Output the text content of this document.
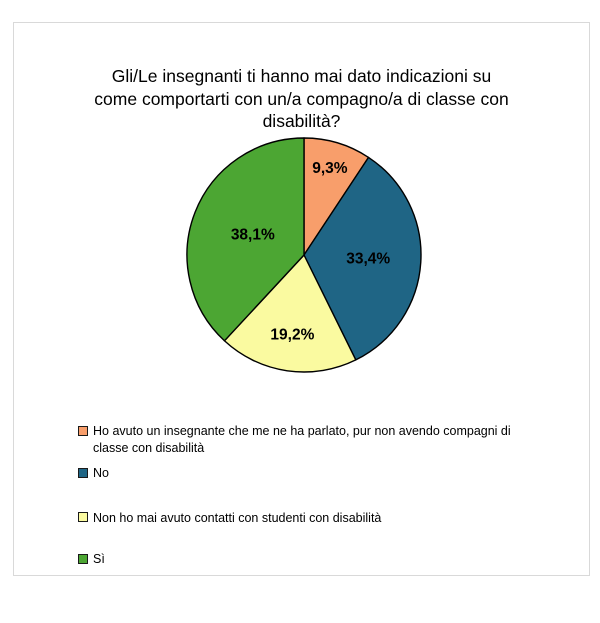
Gli/Le insegnanti ti hanno mai dato indicazioni su
come comportarti con un/a compagno/a di classe con
disabilità?
9,3%
33,4%
19,2%
38,1%
Ho avuto un insegnante che me ne ha parlato, pur non avendo compagni di classe con disabilità
No
Non ho mai avuto contatti con studenti con disabilità
Sì
